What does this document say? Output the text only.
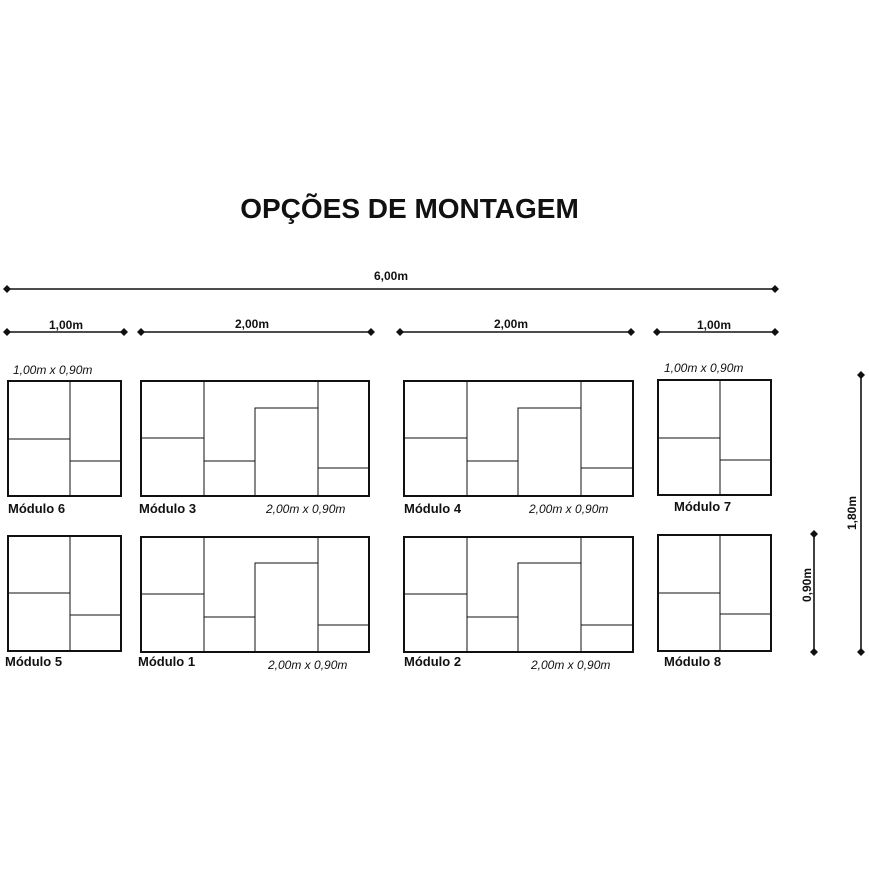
OPÇÕES DE MONTAGEM
6,00m
1,00m	2,00m	2,00m	1,00m
1,80m
0,90m
1,00m x 0,90m	1,00m x 0,90m
2,00m x 0,90m	2,00m x 0,90m
2,00m x 0,90m	2,00m x 0,90m
Módulo 6	Módulo 3	Módulo 4	Módulo 7
Módulo 5	Módulo 1	Módulo 2	Módulo 8
